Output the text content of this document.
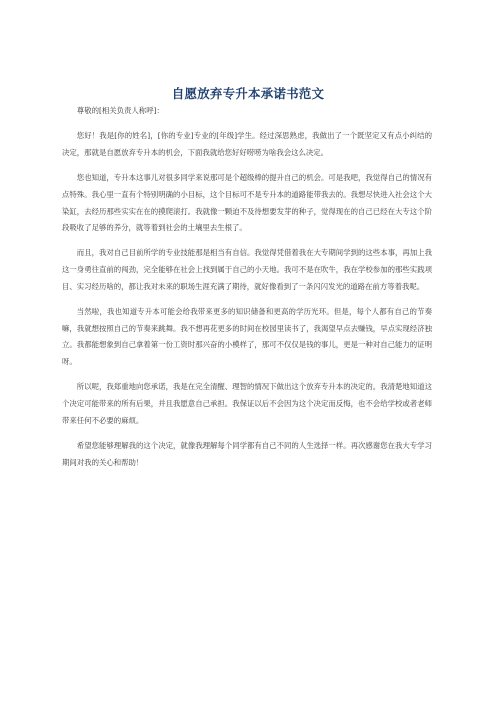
自愿放弃专升本承诺书范文

尊敬的[相关负责人称呼]：

您好！我是[你的姓名]，[你的专业]专业的[年级]学生。经过深思熟虑，我做出了一个既坚定又有点小纠结的决定，那就是自愿放弃专升本的机会，下面我就给您好好唠唠为啥我会这么决定。

您也知道，专升本这事儿对很多同学来说那可是个超级棒的提升自己的机会。可是我吧，我觉得自己的情况有点特殊。我心里一直有个特别明确的小目标，这个目标可不是专升本的道路能带我去的。我想尽快进入社会这个大染缸，去经历那些实实在在的摸爬滚打。我就像一颗迫不及待想要发芽的种子，觉得现在的自己已经在大专这个阶段吸收了足够的养分，就等着到社会的土壤里去生根了。

而且，我对自己目前所学的专业技能那是相当有自信。我觉得凭借着我在大专期间学到的这些本事，再加上我这一身勇往直前的闯劲，完全能够在社会上找到属于自己的小天地。我可不是在吹牛，我在学校参加的那些实践项目、实习经历啥的，都让我对未来的职场生涯充满了期待，就好像看到了一条闪闪发光的道路在前方等着我呢。

当然啦，我也知道专升本可能会给我带来更多的知识储备和更高的学历光环。但是，每个人都有自己的节奏嘛，我就想按照自己的节奏来跳舞。我不想再花更多的时间在校园里读书了，我渴望早点去赚钱，早点实现经济独立。我都能想象到自己拿着第一份工资时那兴奋的小模样了，那可不仅仅是钱的事儿，更是一种对自己能力的证明呀。

所以呢，我郑重地向您承诺，我是在完全清醒、理智的情况下做出这个放弃专升本的决定的。我清楚地知道这个决定可能带来的所有后果，并且我愿意自己承担。我保证以后不会因为这个决定而反悔，也不会给学校或者老师带来任何不必要的麻烦。

希望您能够理解我的这个决定，就像我理解每个同学都有自己不同的人生选择一样。再次感谢您在我大专学习期间对我的关心和帮助！
